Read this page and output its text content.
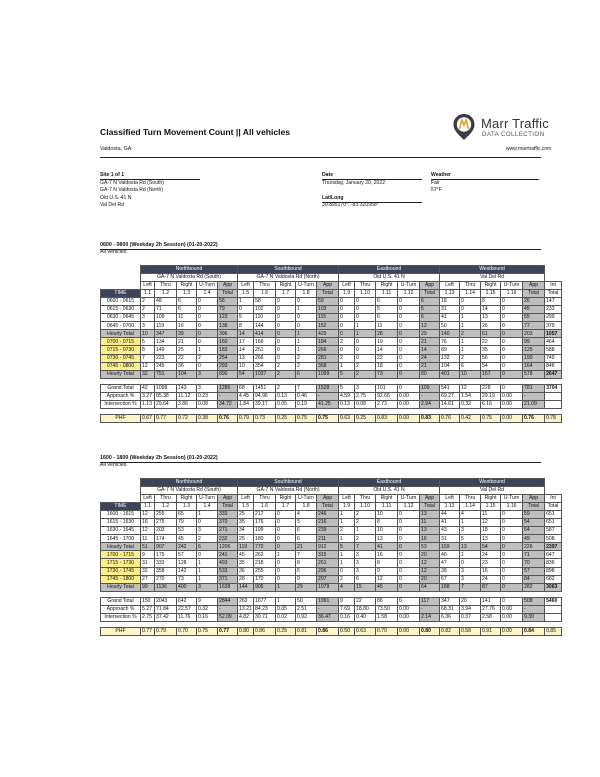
Classified Turn Movement Count || All vehicles
Valdosta, GA
Marr Traffic
DATA COLLECTION
www.marrtraffic.com
Site 1 of 1
GA-7 N Valdosta Rd (South)
GA-7 N Valdosta Rd (North)
Old U.S. 41 N
Val Del Rd
Date
Thursday, January 20, 2022
Lat/Long
30.895170°, -83.320958°
Weather
Fair
57°F
0600 - 0800 (Weekday 2h Session) (01-20-2022)
All vehicles
	Northbound					Southbound					Eastbound					Westbound					
	GA-7 N Valdosta Rd (South)					GA-7 N Valdosta Rd (North)					Old U.S. 41 N					Val Del Rd					
	Left	Thru	Right	U-Turn	App	Left	Thru	Right	U-Turn	App	Left	Thru	Right	U-Turn	App	Left	Thru	Right	U-Turn	App	Int
TIME	1.1	1.2	1.3	1.4	Total	1.5	1.6	1.7	1.8	Total	1.9	1.10	1.11	1.12	Total	1.13	1.14	1.15	1.16	Total	Total
0600 - 0615	2	48	6	0	56	1	58	0	0	59	0	0	6	0	6	18	0	8	0	26	147
0615 - 0630	2	71	6	0	79	0	102	0	1	103	0	0	5	0	5	31	0	14	0	45	232
0630 - 0645	3	109	11	0	123	5	110	0	0	115	0	0	6	0	6	41	1	13	0	55	299
0645 - 0700	3	119	16	0	138	8	144	0	0	152	0	1	11	0	12	50	1	26	0	77	379
Hourly Total	10	347	39	0	396	14	414	0	1	429	0	1	28	0	29	140	2	61	0	203	1057
0700 - 0715	5	134	21	0	160	17	166	0	1	184	2	0	19	0	21	76	1	22	0	99	464
0715 - 0730	8	149	25	1	183	14	251	0	1	266	0	0	14	0	14	89	1	35	0	125	588
0730 - 0745	7	223	22	2	254	13	266	0	2	281	2	0	22	0	24	132	2	56	0	190	749
0745 - 0800	12	245	36	0	293	10	354	2	2	368	1	2	18	0	21	104	6	54	0	164	846
Hourly Total	32	751	104	3	890	54	1037	2	6	1099	5	2	73	0	80	401	10	167	0	578	2647

Grand Total	42	1098	143	3	1286	68	1451	2	7	1528	5	3	101	0	109	541	12	228	0	781	3704
Approach %	3.27	85.38	11.12	0.23	-	4.45	94.96	0.13	0.46	-	4.59	2.75	92.66	0.00	-	69.27	1.54	29.19	0.00	-	
Intersection %	1.13	29.64	3.86	0.08	34.72	1.84	39.17	0.05	0.19	41.25	0.13	0.08	2.73	0.00	2.94	14.61	0.32	6.16	0.00	21.09	

PHF	0.67	0.77	0.72	0.38	0.76	0.79	0.73	0.25	0.75	0.75	0.63	0.25	0.83	0.00	0.83	0.76	0.42	0.75	0.00	0.76	0.78
1600 - 1800 (Weekday 2h Session) (01-20-2022)
All vehicles
	Northbound					Southbound					Eastbound					Westbound					
	GA-7 N Valdosta Rd (South)					GA-7 N Valdosta Rd (North)					Old U.S. 41 N					Val Del Rd					
	Left	Thru	Right	U-Turn	App	Left	Thru	Right	U-Turn	App	Left	Thru	Right	U-Turn	App	Left	Thru	Right	U-Turn	App	Int
TIME	1.1	1.2	1.3	1.4	Total	1.5	1.6	1.7	1.8	Total	1.9	1.10	1.11	1.12	Total	1.13	1.14	1.15	1.16	Total	Total
1600 - 1615	12	255	65	1	333	25	217	0	4	246	1	2	10	0	13	44	4	11	0	59	651
1615 - 1630	16	275	79	0	370	35	176	0	5	216	1	2	8	0	11	41	1	12	0	54	651
1630 - 1645	12	203	53	3	271	34	199	0	6	239	2	1	10	0	13	43	3	18	0	64	587
1645 - 1700	11	174	45	2	232	25	180	0	6	211	1	2	13	0	16	31	5	13	0	49	508
Hourly Total	51	907	242	6	1206	119	772	0	21	912	5	7	41	0	53	159	13	54	0	226	2397
1700 - 1715	9	175	57	0	241	45	262	1	7	315	1	3	16	0	20	46	1	24	0	71	647
1715 - 1730	31	333	128	1	493	35	218	0	8	261	1	3	8	0	12	47	0	23	0	70	836
1730 - 1745	32	358	142	1	533	36	255	0	5	296	0	3	9	0	12	38	3	16	0	57	898
1745 - 1800	27	270	73	1	371	28	170	0	9	207	2	6	12	0	20	57	3	24	0	84	682
Hourly Total	99	1136	400	3	1638	144	905	1	29	1079	4	15	45	0	64	188	7	87	0	282	3063

Grand Total	150	2043	642	9	2844	263	1677	1	50	1991	9	22	86	0	117	347	20	141	0	508	5460
Approach %	5.27	71.84	22.57	0.32	-	13.21	84.23	0.05	2.51	-	7.69	18.80	73.50	0.00	-	68.31	3.94	27.76	0.00	-	
Intersection %	2.75	37.42	11.76	0.16	52.09	4.82	30.71	0.02	0.92	36.47	0.16	0.40	1.58	0.00	2.14	6.36	0.37	2.58	0.00	9.30	

PHF	0.77	0.79	0.70	0.75	0.77	0.80	0.86	0.25	0.81	0.86	0.50	0.63	0.70	0.00	0.80	0.82	0.58	0.91	0.00	0.84	0.85
